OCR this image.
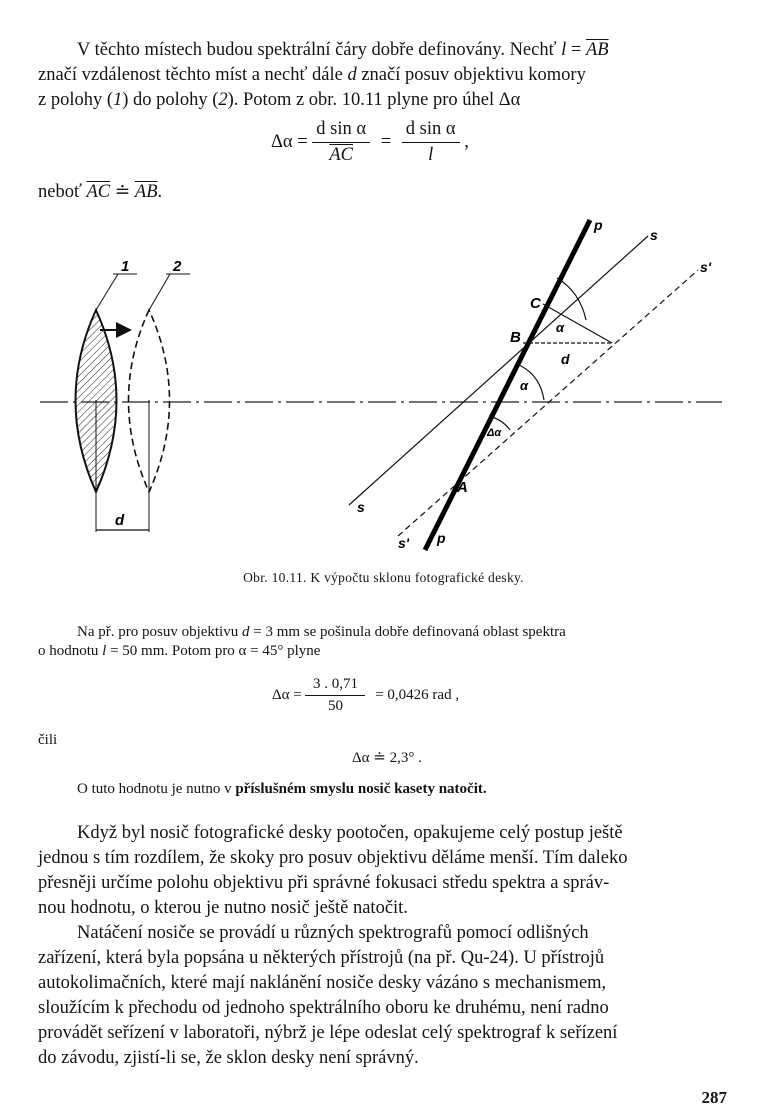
V těchto místech budou spektrální čáry dobře definovány. Nechť $l = \overline{AB}$

značí vzdálenost těchto míst a nechť dále d značí posuv objektivu komory

z polohy (1) do polohy (2). Potom z obr. 10.11 plyne pro úhel Δα

$\Delta\alpha = \frac{\text{d sin α}}{AC} = \frac{\text{d sin α}}{l}$ ,

neboť $\overline{AC}$ ≐ $\overline{AB}$.

1	2
d
p
s
s'
C
α
B
d
α
Δα
A
s
s' p

Obr. 10.11. K výpočtu sklonu fotografické desky.

Na př. pro posuv objektivu d = 3 mm se pošinula dobře definovaná oblast spektra

o hodnotu l = 50 mm. Potom pro α = 45° plyne

$\Delta\alpha = \frac{3 . 0,71}{50} = 0,0426$ rad ,

čili

Δα ≐ 2,3° .

O tuto hodnotu je nutno v příslušném smyslu nosič kasety natočit.

Když byl nosič fotografické desky pootočen, opakujeme celý postup ještě

jednou s tím rozdílem, že skoky pro posuv objektivu děláme menší. Tím daleko

přesněji určíme polohu objektivu při správné fokusaci středu spektra a správ-

nou hodnotu, o kterou je nutno nosič ještě natočit.

Natáčení nosiče se provádí u různých spektrografů pomocí odlišných

zařízení, která byla popsána u některých přístrojů (na př. Qu-24). U přístrojů

autokolimačních, které mají naklánění nosiče desky vázáno s mechanismem,

sloužícím k přechodu od jednoho spektrálního oboru ke druhému, není radno

provádět seřízení v laboratoři, nýbrž je lépe odeslat celý spektrograf k seřízení

do závodu, zjistí-li se, že sklon desky není správný.

287
